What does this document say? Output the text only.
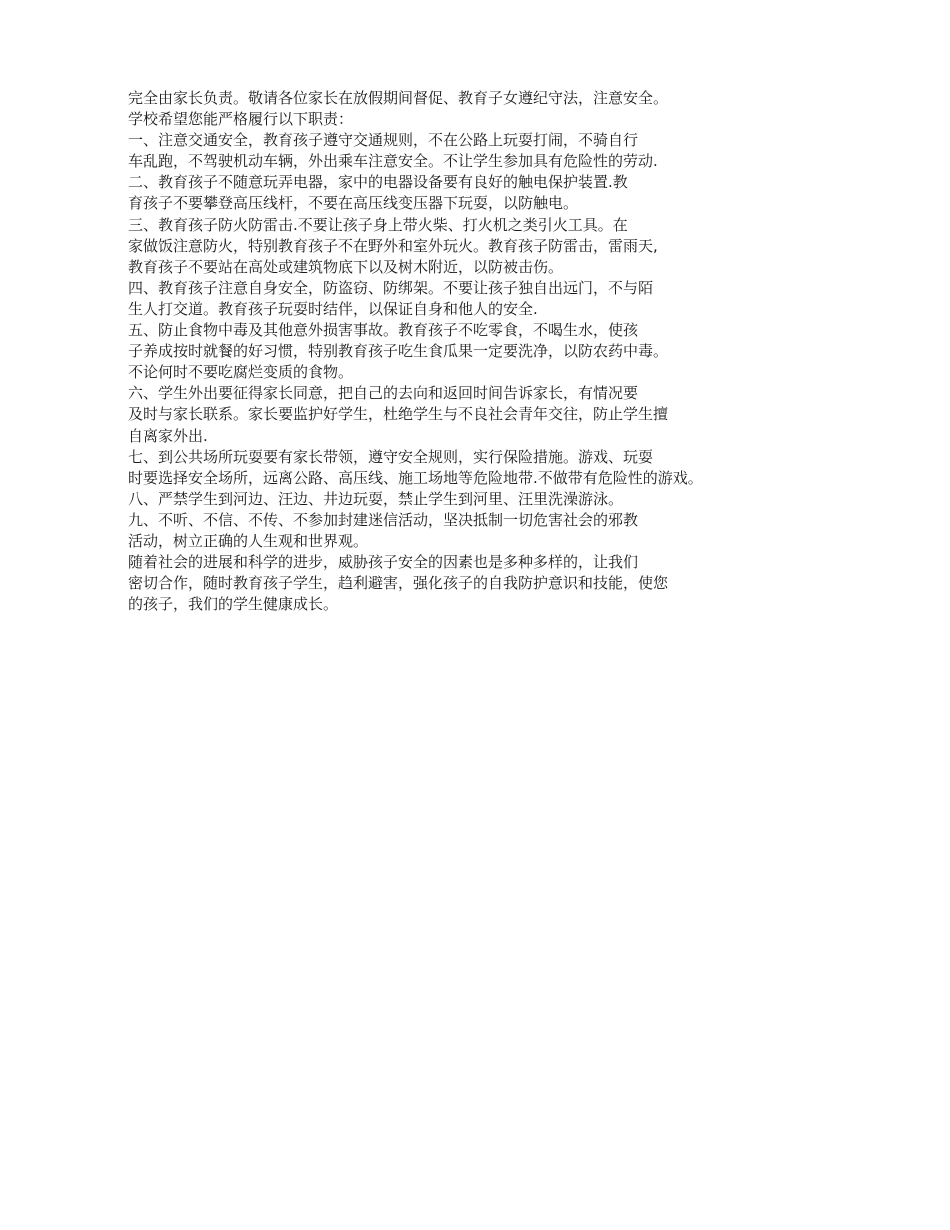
完全由家长负责。敬请各位家长在放假期间督促、教育子女遵纪守法，注意安全。
学校希望您能严格履行以下职责：
一、注意交通安全，教育孩子遵守交通规则，不在公路上玩耍打闹，不骑自行
车乱跑，不驾驶机动车辆，外出乘车注意安全。不让学生参加具有危险性的劳动.
二、教育孩子不随意玩弄电器，家中的电器设备要有良好的触电保护装置.教
育孩子不要攀登高压线杆，不要在高压线变压器下玩耍，以防触电。
三、教育孩子防火防雷击.不要让孩子身上带火柴、打火机之类引火工具。在
家做饭注意防火，特别教育孩子不在野外和室外玩火。教育孩子防雷击，雷雨天,
教育孩子不要站在高处或建筑物底下以及树木附近，以防被击伤。
四、教育孩子注意自身安全，防盗窃、防绑架。不要让孩子独自出远门，不与陌
生人打交道。教育孩子玩耍时结伴，以保证自身和他人的安全.
五、防止食物中毒及其他意外损害事故。教育孩子不吃零食，不喝生水，使孩
子养成按时就餐的好习惯，特别教育孩子吃生食瓜果一定要洗净，以防农药中毒。
不论何时不要吃腐烂变质的食物。
六、学生外出要征得家长同意，把自己的去向和返回时间告诉家长，有情况要
及时与家长联系。家长要监护好学生，杜绝学生与不良社会青年交往，防止学生擅
自离家外出.
七、到公共场所玩耍要有家长带领，遵守安全规则，实行保险措施。游戏、玩耍
时要选择安全场所，远离公路、高压线、施工场地等危险地带.不做带有危险性的游戏。
八、严禁学生到河边、汪边、井边玩耍，禁止学生到河里、汪里洗澡游泳。
九、不听、不信、不传、不参加封建迷信活动，坚决抵制一切危害社会的邪教
活动，树立正确的人生观和世界观。
随着社会的进展和科学的进步，威胁孩子安全的因素也是多种多样的，让我们
密切合作，随时教育孩子学生，趋利避害，强化孩子的自我防护意识和技能，使您
的孩子，我们的学生健康成长。
